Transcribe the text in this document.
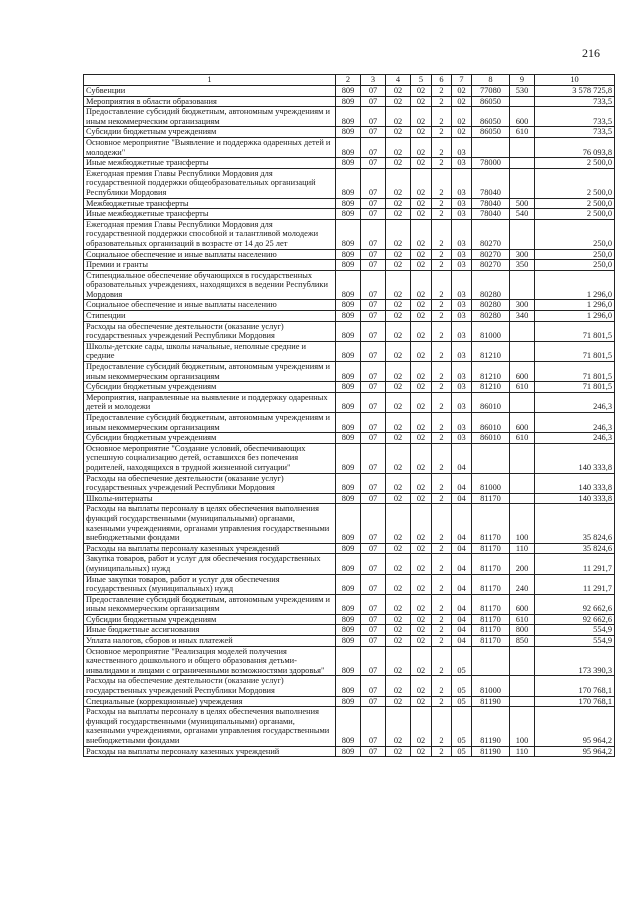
216
1	2	3	4	5	6	7	8	9	10
Субвенции	809	07	02	02	2	02	77080	530	3 578 725,8
Мероприятия в области образования	809	07	02	02	2	02	86050		733,5
Предоставление субсидий бюджетным, автономным учреждениям и иным некоммерческим организациям	809	07	02	02	2	02	86050	600	733,5
Субсидии бюджетным учреждениям	809	07	02	02	2	02	86050	610	733,5
Основное мероприятие "Выявление и поддержка одаренных детей и молодежи"	809	07	02	02	2	03			76 093,8
Иные межбюджетные трансферты	809	07	02	02	2	03	78000		2 500,0
Ежегодная премия Главы Республики Мордовия для государственной поддержки общеобразовательных организаций Республики Мордовия	809	07	02	02	2	03	78040		2 500,0
Межбюджетные трансферты	809	07	02	02	2	03	78040	500	2 500,0
Иные межбюджетные трансферты	809	07	02	02	2	03	78040	540	2 500,0
Ежегодная премия Главы Республики Мордовия для государственной поддержки способной и талантливой молодежи образовательных организаций в возрасте от 14 до 25 лет	809	07	02	02	2	03	80270		250,0
Социальное обеспечение и иные выплаты населению	809	07	02	02	2	03	80270	300	250,0
Премии и гранты	809	07	02	02	2	03	80270	350	250,0
Стипендиальное обеспечение обучающихся в государственных образовательных учреждениях, находящихся в ведении Республики Мордовия	809	07	02	02	2	03	80280		1 296,0
Социальное обеспечение и иные выплаты населению	809	07	02	02	2	03	80280	300	1 296,0
Стипендии	809	07	02	02	2	03	80280	340	1 296,0
Расходы на обеспечение деятельности (оказание услуг) государственных учреждений Республики Мордовия	809	07	02	02	2	03	81000		71 801,5
Школы-детские сады, школы начальные, неполные средние и средние	809	07	02	02	2	03	81210		71 801,5
Предоставление субсидий бюджетным, автономным учреждениям и иным некоммерческим организациям	809	07	02	02	2	03	81210	600	71 801,5
Субсидии бюджетным учреждениям	809	07	02	02	2	03	81210	610	71 801,5
Мероприятия, направленные на выявление и поддержку одаренных детей и молодежи	809	07	02	02	2	03	86010		246,3
Предоставление субсидий бюджетным, автономным учреждениям и иным некоммерческим организациям	809	07	02	02	2	03	86010	600	246,3
Субсидии бюджетным учреждениям	809	07	02	02	2	03	86010	610	246,3
Основное мероприятие "Создание условий, обеспечивающих успешную социализацию детей, оставшихся без попечения родителей, находящихся в трудной жизненной ситуации"	809	07	02	02	2	04			140 333,8
Расходы на обеспечение деятельности (оказание услуг) государственных учреждений Республики Мордовия	809	07	02	02	2	04	81000		140 333,8
Школы-интернаты	809	07	02	02	2	04	81170		140 333,8
Расходы на выплаты персоналу в целях обеспечения выполнения функций государственными (муниципальными) органами, казенными учреждениями, органами управления государственными внебюджетными фондами	809	07	02	02	2	04	81170	100	35 824,6
Расходы на выплаты персоналу казенных учреждений	809	07	02	02	2	04	81170	110	35 824,6
Закупка товаров, работ и услуг для обеспечения государственных (муниципальных) нужд	809	07	02	02	2	04	81170	200	11 291,7
Иные закупки товаров, работ и услуг для обеспечения государственных (муниципальных) нужд	809	07	02	02	2	04	81170	240	11 291,7
Предоставление субсидий бюджетным, автономным учреждениям и иным некоммерческим организациям	809	07	02	02	2	04	81170	600	92 662,6
Субсидии бюджетным учреждениям	809	07	02	02	2	04	81170	610	92 662,6
Иные бюджетные ассигнования	809	07	02	02	2	04	81170	800	554,9
Уплата налогов, сборов и иных платежей	809	07	02	02	2	04	81170	850	554,9
Основное мероприятие "Реализация моделей получения качественного дошкольного и общего образования детьми-инвалидами и лицами с ограниченными возможностями здоровья"	809	07	02	02	2	05			173 390,3
Расходы на обеспечение деятельности (оказание услуг) государственных учреждений Республики Мордовия	809	07	02	02	2	05	81000		170 768,1
Специальные (коррекционные) учреждения	809	07	02	02	2	05	81190		170 768,1
Расходы на выплаты персоналу в целях обеспечения выполнения функций государственными (муниципальными) органами, казенными учреждениями, органами управления государственными внебюджетными фондами	809	07	02	02	2	05	81190	100	95 964,2
Расходы на выплаты персоналу казенных учреждений	809	07	02	02	2	05	81190	110	95 964,2
